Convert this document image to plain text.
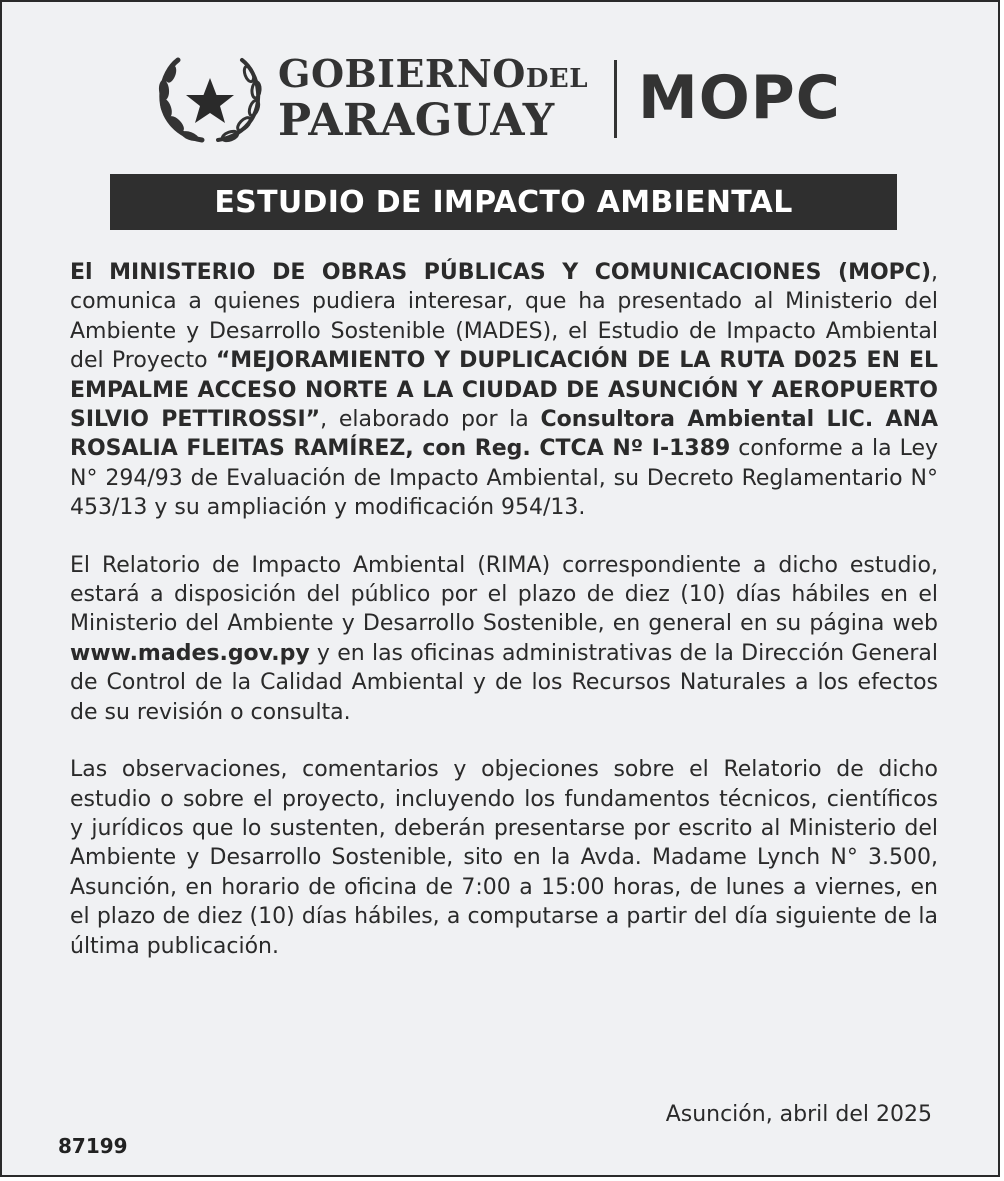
GOBIERNODEL
PARAGUAY	MOPC
ESTUDIO DE IMPACTO AMBIENTAL

El MINISTERIO DE OBRAS PÚBLICAS Y COMUNICACIONES (MOPC), comunica a quienes pudiera interesar, que ha presentado al Ministerio del Ambiente y Desarrollo Sostenible (MADES), el Estudio de Impacto Ambiental del Proyecto “MEJORAMIENTO Y DUPLICACIÓN DE LA RUTA D025 EN EL EMPALME ACCESO NORTE A LA CIUDAD DE ASUNCIÓN Y AEROPUERTO SILVIO PETTIROSSI”, elaborado por la Consultora Ambiental LIC. ANA ROSALIA FLEITAS RAMÍREZ, con Reg. CTCA Nº I-1389 conforme a la Ley N° 294/93 de Evaluación de Impacto Ambiental, su Decreto Reglamentario N° 453/13 y su ampliación y modificación 954/13.

El Relatorio de Impacto Ambiental (RIMA) correspondiente a dicho estudio, estará a disposición del público por el plazo de diez (10) días hábiles en el Ministerio del Ambiente y Desarrollo Sostenible, en general en su página web www.mades.gov.py y en las oficinas administrativas de la Dirección General de Control de la Calidad Ambiental y de los Recursos Naturales a los efectos de su revisión o consulta.

Las observaciones, comentarios y objeciones sobre el Relatorio de dicho estudio o sobre el proyecto, incluyendo los fundamentos técnicos, científicos y jurídicos que lo sustenten, deberán presentarse por escrito al Ministerio del Ambiente y Desarrollo Sostenible, sito en la Avda. Madame Lynch N° 3.500, Asunción, en horario de oficina de 7:00 a 15:00 horas, de lunes a viernes, en el plazo de diez (10) días hábiles, a computarse a partir del día siguiente de la última publicación.

Asunción, abril del 2025
87199
